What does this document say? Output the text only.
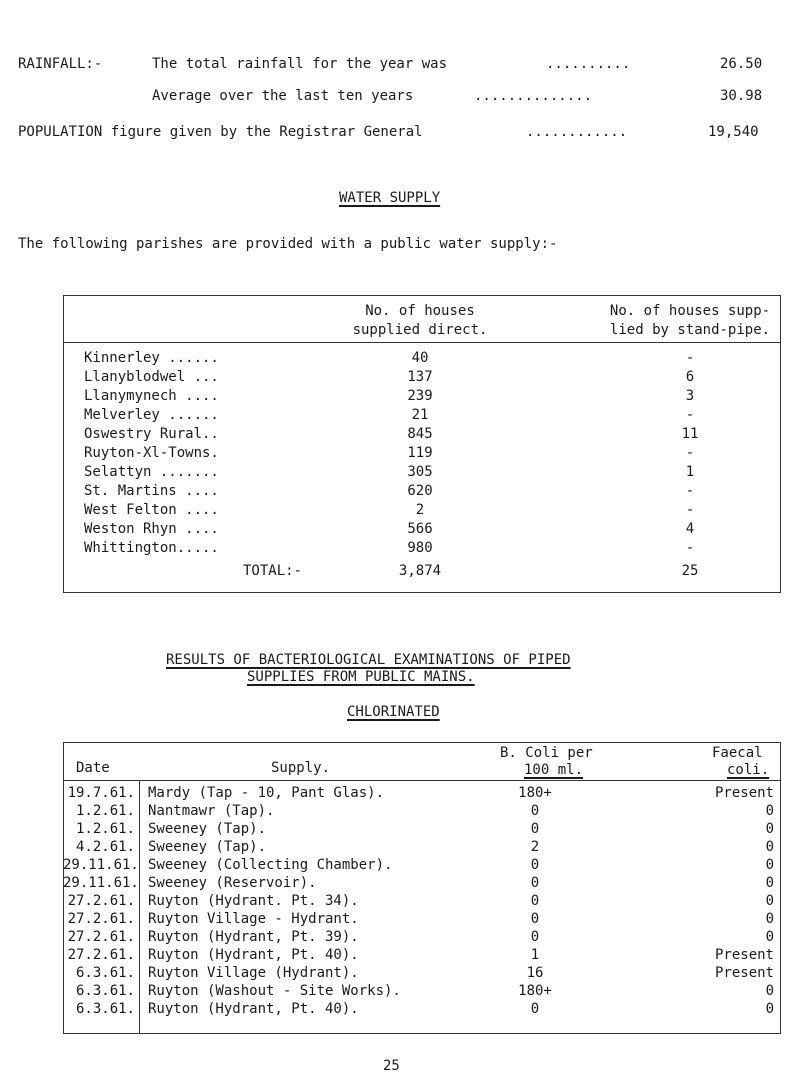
RAINFALL:-	The total rainfall for the year was	..........	26.50
Average over the last ten years	..............	30.98
POPULATION figure given by the Registrar General	............	19,540
WATER SUPPLY
The following parishes are provided with a public water supply:-
No. of houses
supplied direct.
No. of houses supp-
lied by stand-pipe.
Kinnerley ......	40	-
Llanyblodwel ...	137	6
Llanymynech ....	239	3
Melverley ......	21	-
Oswestry Rural..	845	11
Ruyton-Xl-Towns.	119	-
Selattyn .......	305	1
St. Martins ....	620	-
West Felton ....	2	-
Weston Rhyn ....	566	4
Whittington.....	980	-
TOTAL:-	3,874	25
RESULTS OF BACTERIOLOGICAL EXAMINATIONS OF PIPED
SUPPLIES FROM PUBLIC MAINS.
CHLORINATED
Date	Supply.
B. Coli per
100 ml.
Faecal
coli.
19.7.61. Mardy (Tap - 10, Pant Glas).	180+	Present
1.2.61. Nantmawr (Tap).	0	0
1.2.61. Sweeney (Tap).	0	0
4.2.61. Sweeney (Tap).	2	0
29.11.61. Sweeney (Collecting Chamber).	0	0
29.11.61. Sweeney (Reservoir).	0	0
27.2.61. Ruyton (Hydrant. Pt. 34).	0	0
27.2.61. Ruyton Village - Hydrant.	0	0
27.2.61. Ruyton (Hydrant, Pt. 39).	0	0
27.2.61. Ruyton (Hydrant, Pt. 40).	1	Present
6.3.61. Ruyton Village (Hydrant).	16	Present
6.3.61. Ruyton (Washout - Site Works).	180+	0
6.3.61. Ruyton (Hydrant, Pt. 40).	0	0
25
